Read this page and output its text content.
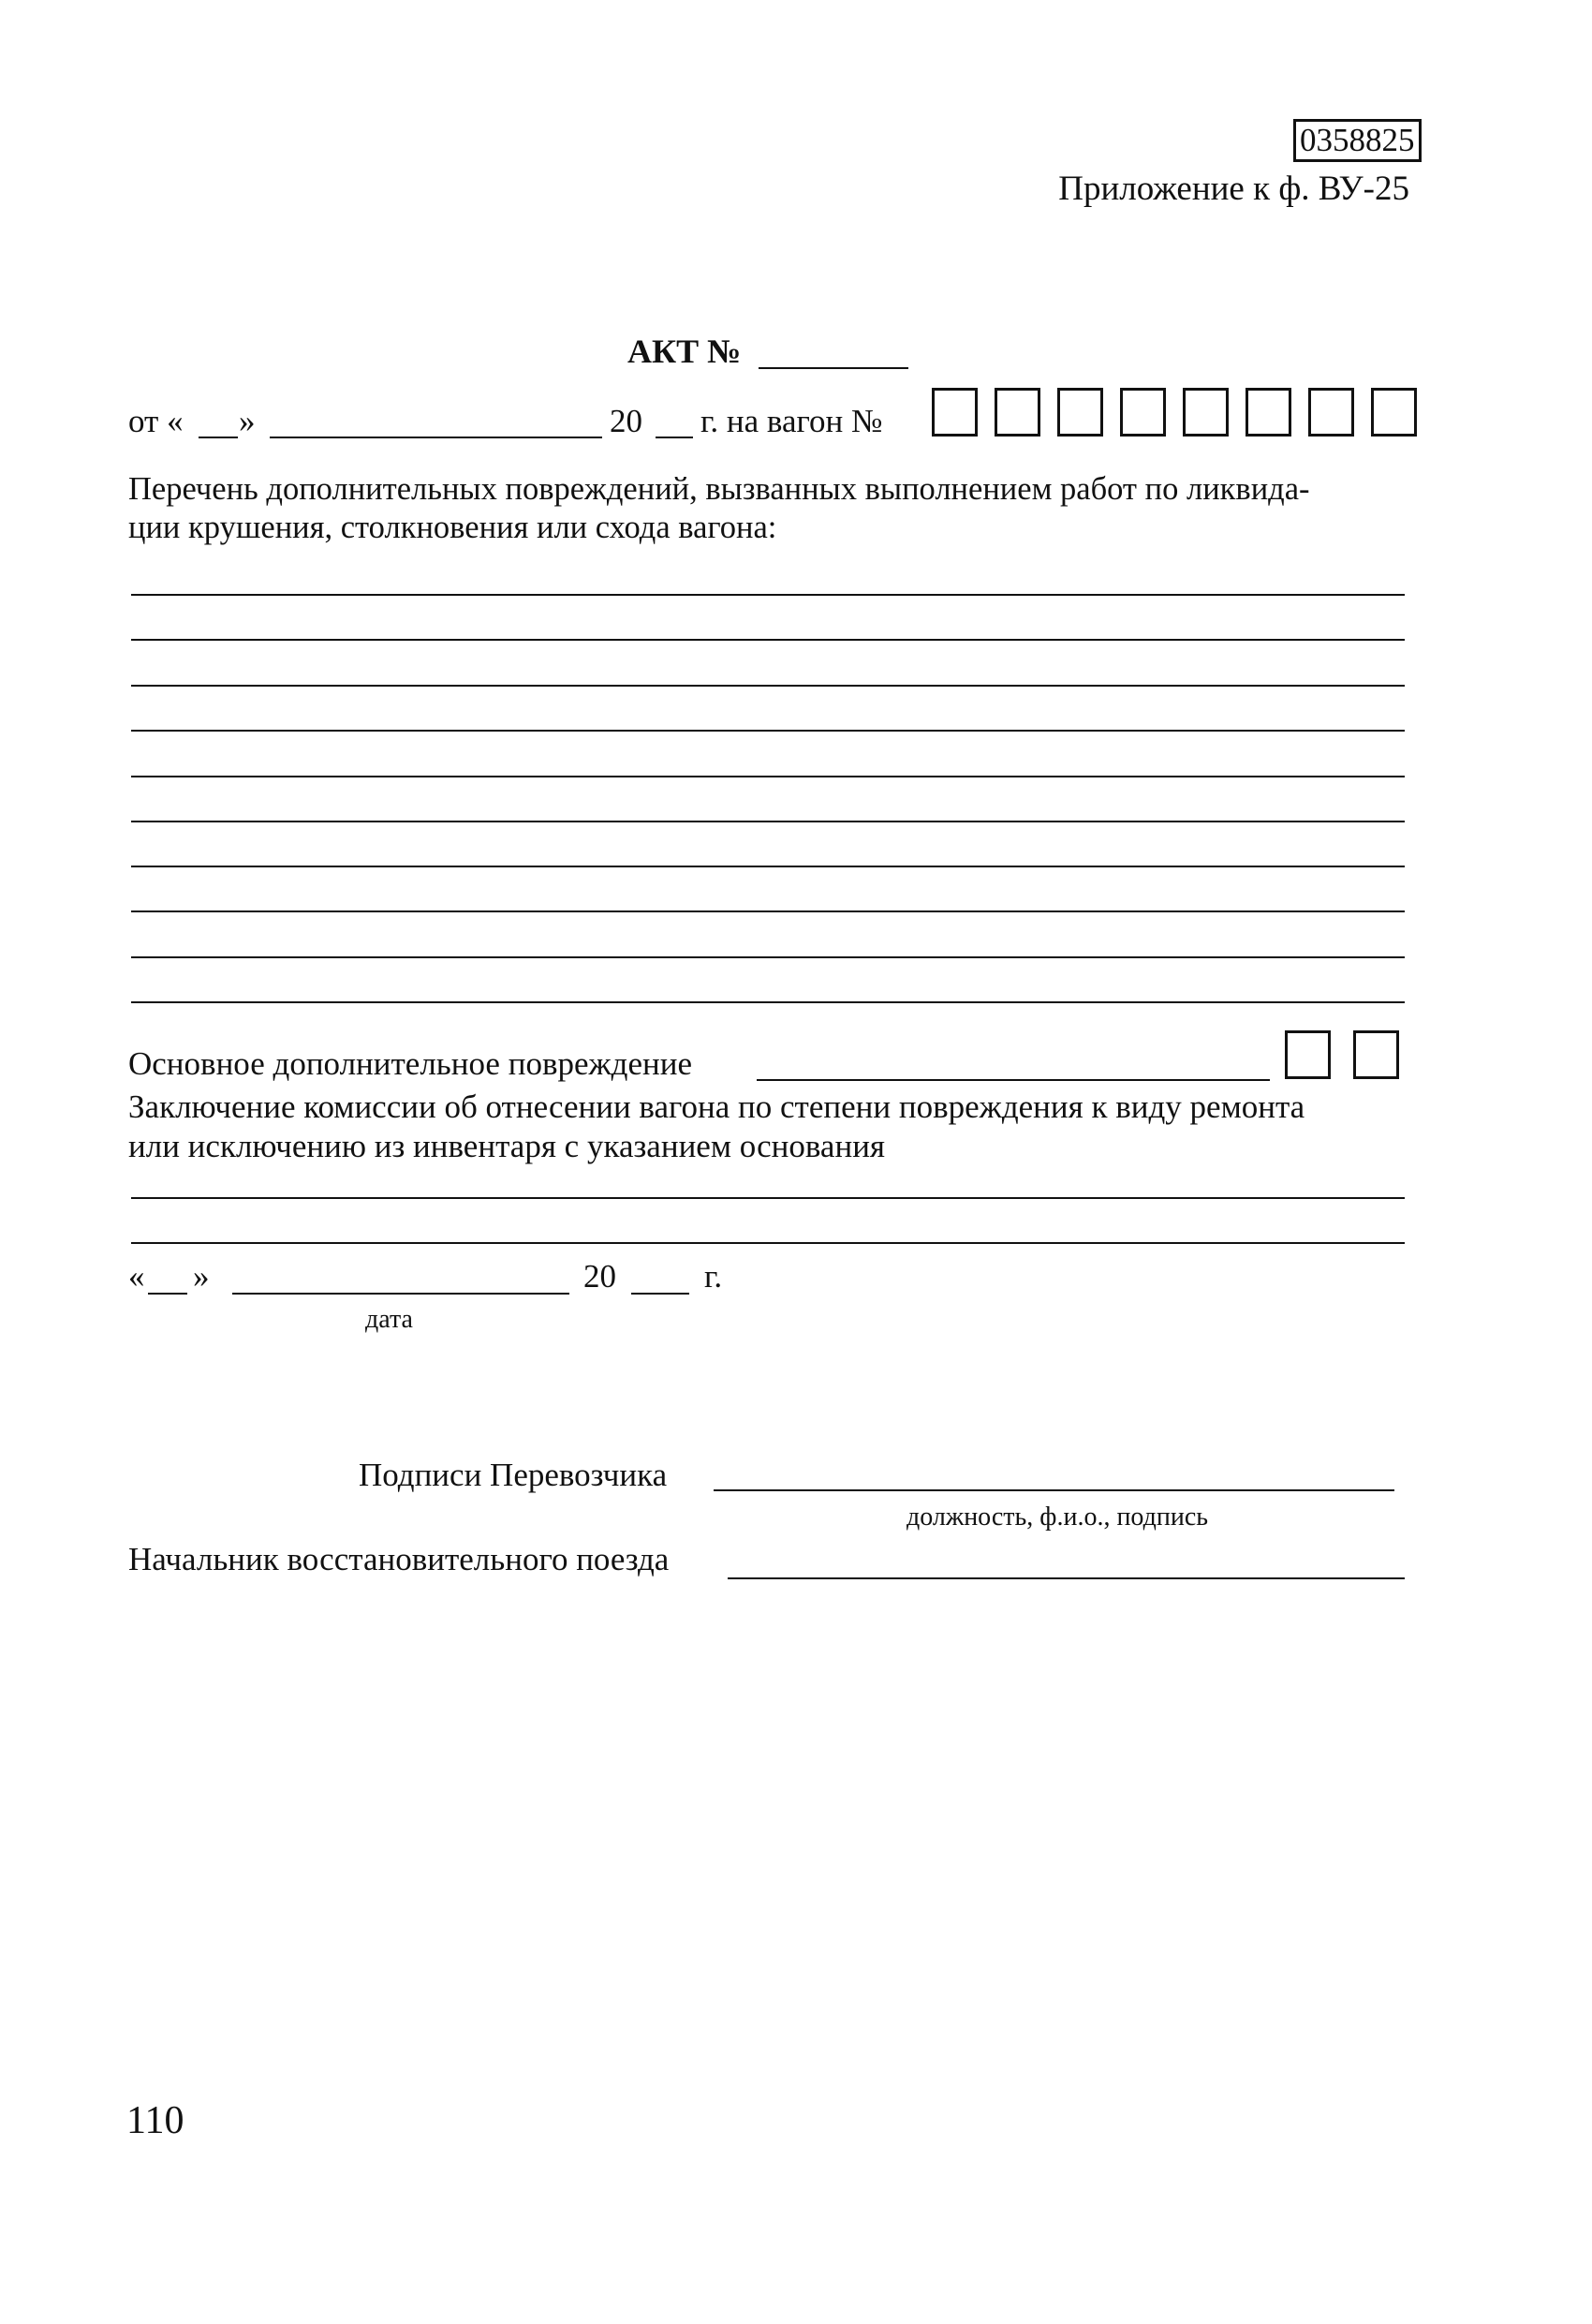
0358825
Приложение к ф. ВУ-25
АКТ №
от « »	20 г. на вагон №
Перечень дополнительных повреждений, вызванных выполнением работ по ликвида-
ции крушения, столкновения или схода вагона:
Основное дополнительное повреждение
Заключение комиссии об отнесении вагона по степени повреждения к виду ремонта
или исключению из инвентаря с указанием основания
« »	20	г.
дата
Подписи Перевозчика
должность, ф.и.о., подпись
Начальник восстановительного поезда
110
